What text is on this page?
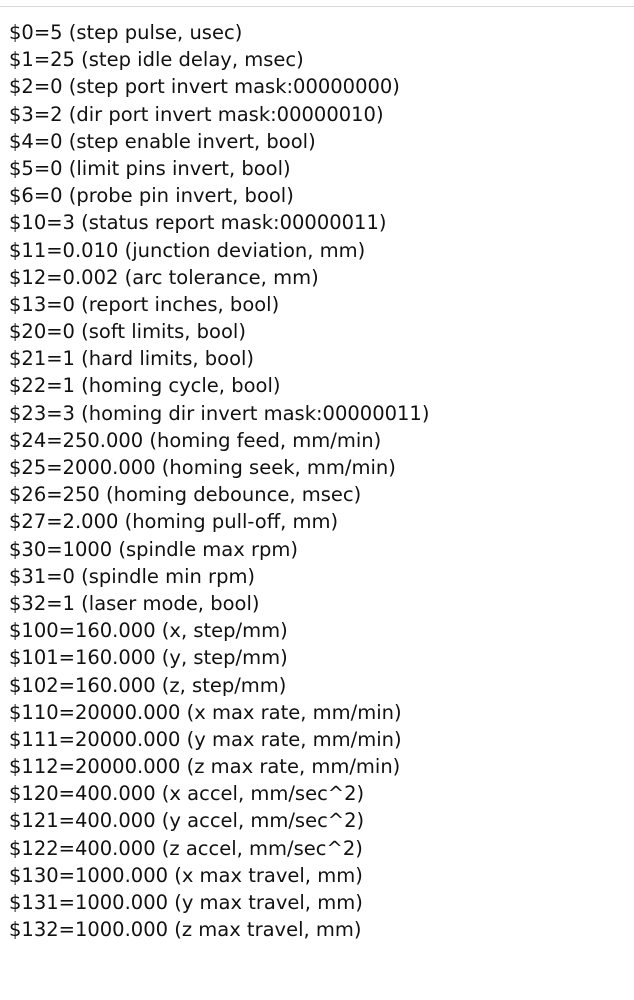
$0=5 (step pulse, usec)
$1=25 (step idle delay, msec)
$2=0 (step port invert mask:00000000)
$3=2 (dir port invert mask:00000010)
$4=0 (step enable invert, bool)
$5=0 (limit pins invert, bool)
$6=0 (probe pin invert, bool)
$10=3 (status report mask:00000011)
$11=0.010 (junction deviation, mm)
$12=0.002 (arc tolerance, mm)
$13=0 (report inches, bool)
$20=0 (soft limits, bool)
$21=1 (hard limits, bool)
$22=1 (homing cycle, bool)
$23=3 (homing dir invert mask:00000011)
$24=250.000 (homing feed, mm/min)
$25=2000.000 (homing seek, mm/min)
$26=250 (homing debounce, msec)
$27=2.000 (homing pull-off, mm)
$30=1000 (spindle max rpm)
$31=0 (spindle min rpm)
$32=1 (laser mode, bool)
$100=160.000 (x, step/mm)
$101=160.000 (y, step/mm)
$102=160.000 (z, step/mm)
$110=20000.000 (x max rate, mm/min)
$111=20000.000 (y max rate, mm/min)
$112=20000.000 (z max rate, mm/min)
$120=400.000 (x accel, mm/sec^2)
$121=400.000 (y accel, mm/sec^2)
$122=400.000 (z accel, mm/sec^2)
$130=1000.000 (x max travel, mm)
$131=1000.000 (y max travel, mm)
$132=1000.000 (z max travel, mm)
